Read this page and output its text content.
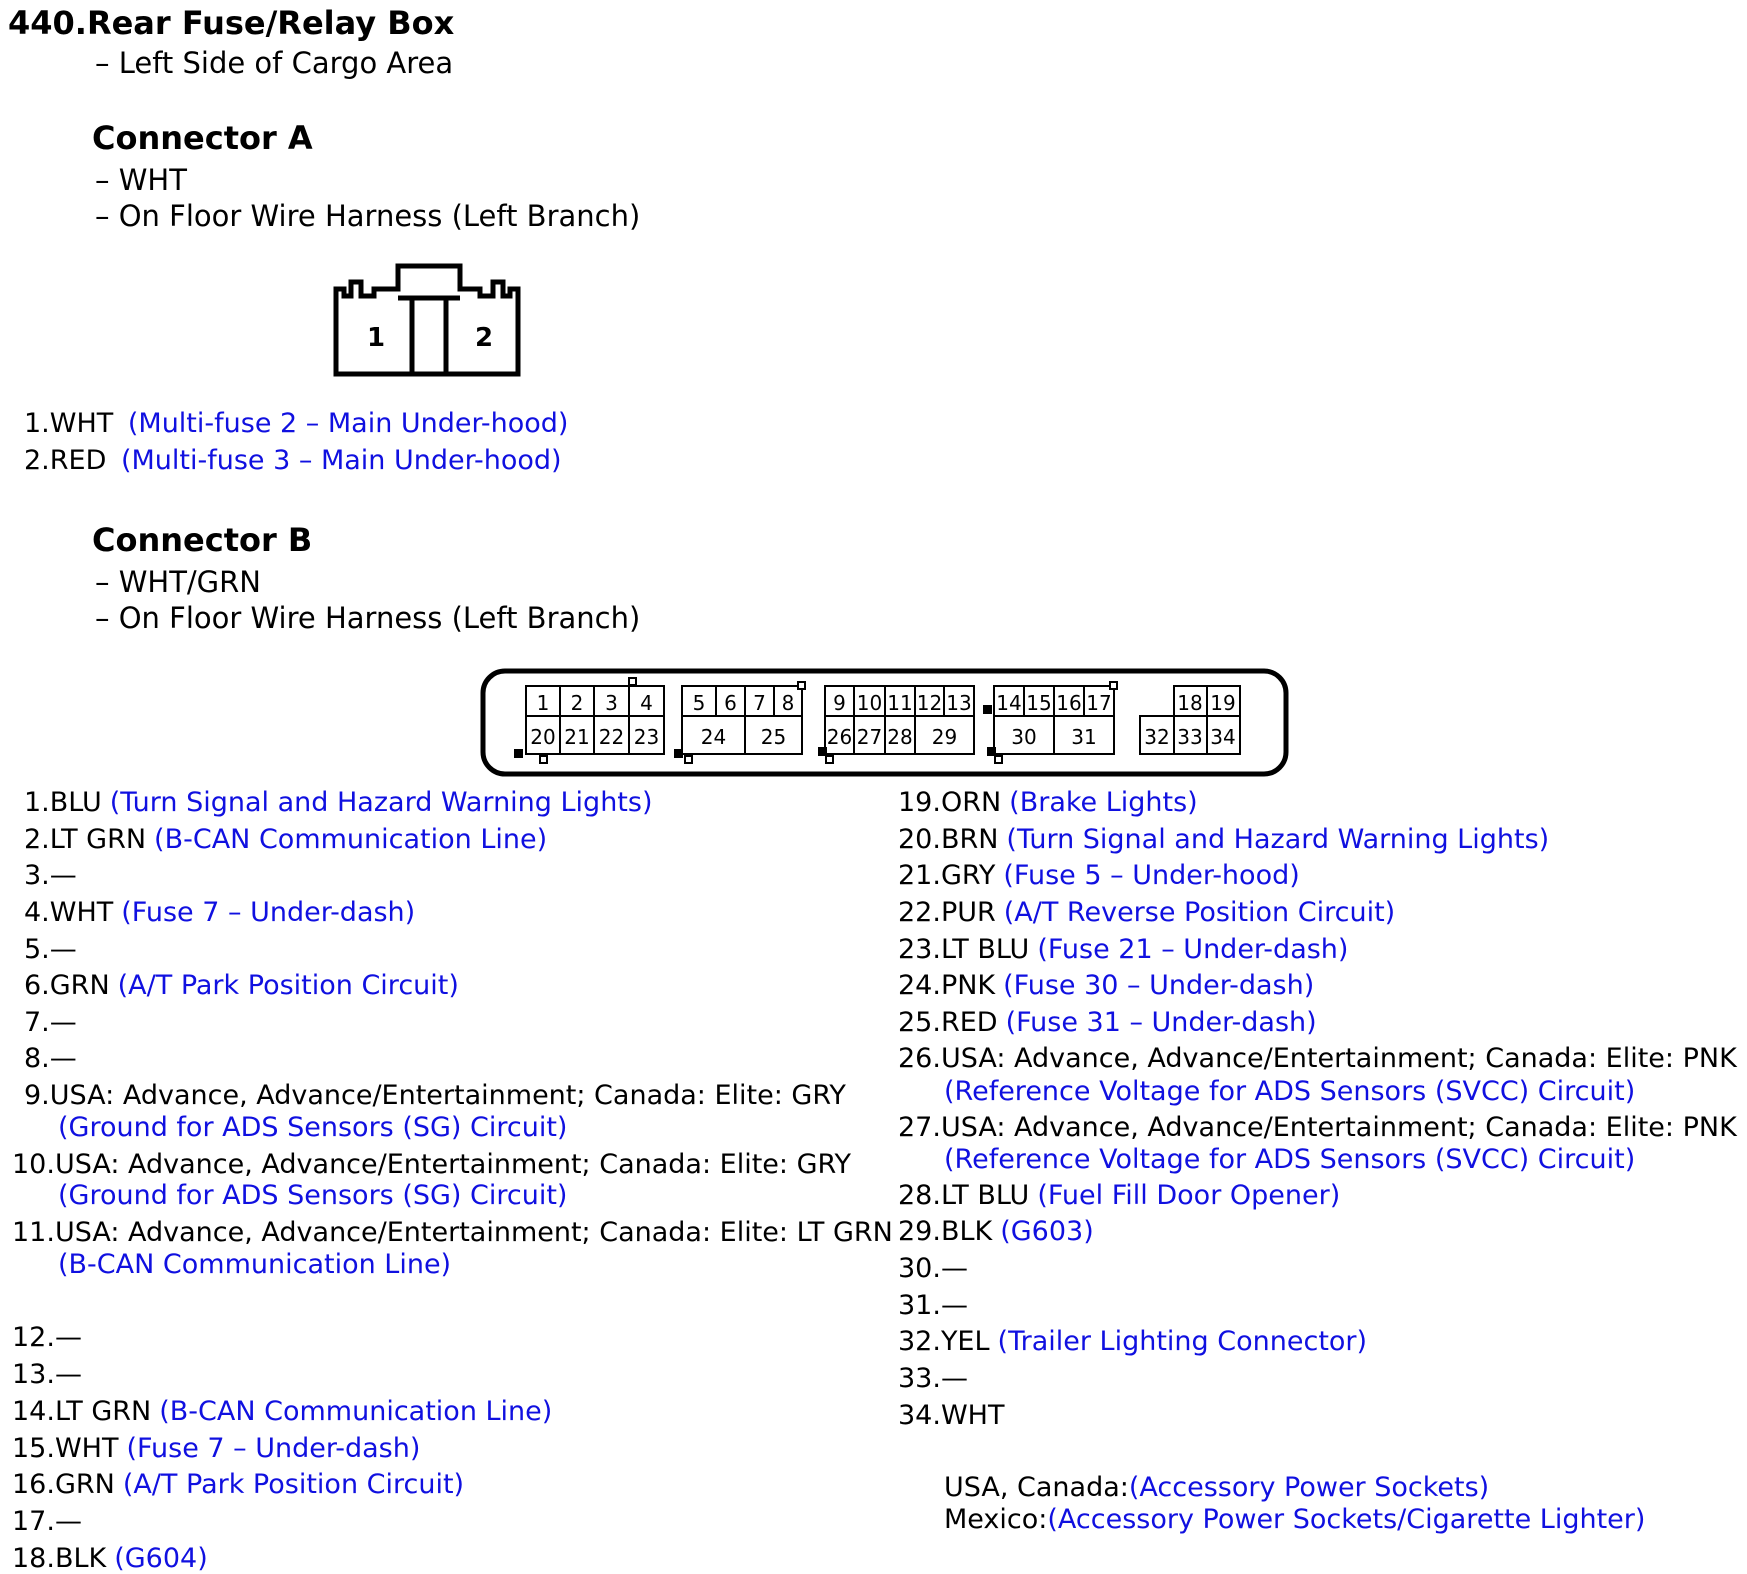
440.Rear Fuse/Relay Box
– Left Side of Cargo Area
Connector A
– WHT
– On Floor Wire Harness (Left Branch)
1	2
1.WHT (Multi-fuse 2 – Main Under-hood)
2.RED (Multi-fuse 3 – Main Under-hood)
Connector B
– WHT/GRN
– On Floor Wire Harness (Left Branch)
1 2 3 4
20 21 22 23
5 6 7 8
24 25
9 10 11 12 13
26 27 28 29
14 15 16 17
30 31
18 19
32 33 34
1.BLU (Turn Signal and Hazard Warning Lights)
2.LT GRN (B-CAN Communication Line)
3.—
4.WHT (Fuse 7 – Under-dash)
5.—
6.GRN (A/T Park Position Circuit)
7.—
8.—
9.USA: Advance, Advance/Entertainment; Canada: Elite: GRY
(Ground for ADS Sensors (SG) Circuit)
10.USA: Advance, Advance/Entertainment; Canada: Elite: GRY
(Ground for ADS Sensors (SG) Circuit)
11.USA: Advance, Advance/Entertainment; Canada: Elite: LT GRN
(B-CAN Communication Line)
12.—
13.—
14.LT GRN (B-CAN Communication Line)
15.WHT (Fuse 7 – Under-dash)
16.GRN (A/T Park Position Circuit)
17.—
18.BLK (G604)
19.ORN (Brake Lights)
20.BRN (Turn Signal and Hazard Warning Lights)
21.GRY (Fuse 5 – Under-hood)
22.PUR (A/T Reverse Position Circuit)
23.LT BLU (Fuse 21 – Under-dash)
24.PNK (Fuse 30 – Under-dash)
25.RED (Fuse 31 – Under-dash)
26.USA: Advance, Advance/Entertainment; Canada: Elite: PNK
(Reference Voltage for ADS Sensors (SVCC) Circuit)
27.USA: Advance, Advance/Entertainment; Canada: Elite: PNK
(Reference Voltage for ADS Sensors (SVCC) Circuit)
28.LT BLU (Fuel Fill Door Opener)
29.BLK (G603)
30.—
31.—
32.YEL (Trailer Lighting Connector)
33.—
34.WHT
USA, Canada:(Accessory Power Sockets)
Mexico:(Accessory Power Sockets/Cigarette Lighter)
